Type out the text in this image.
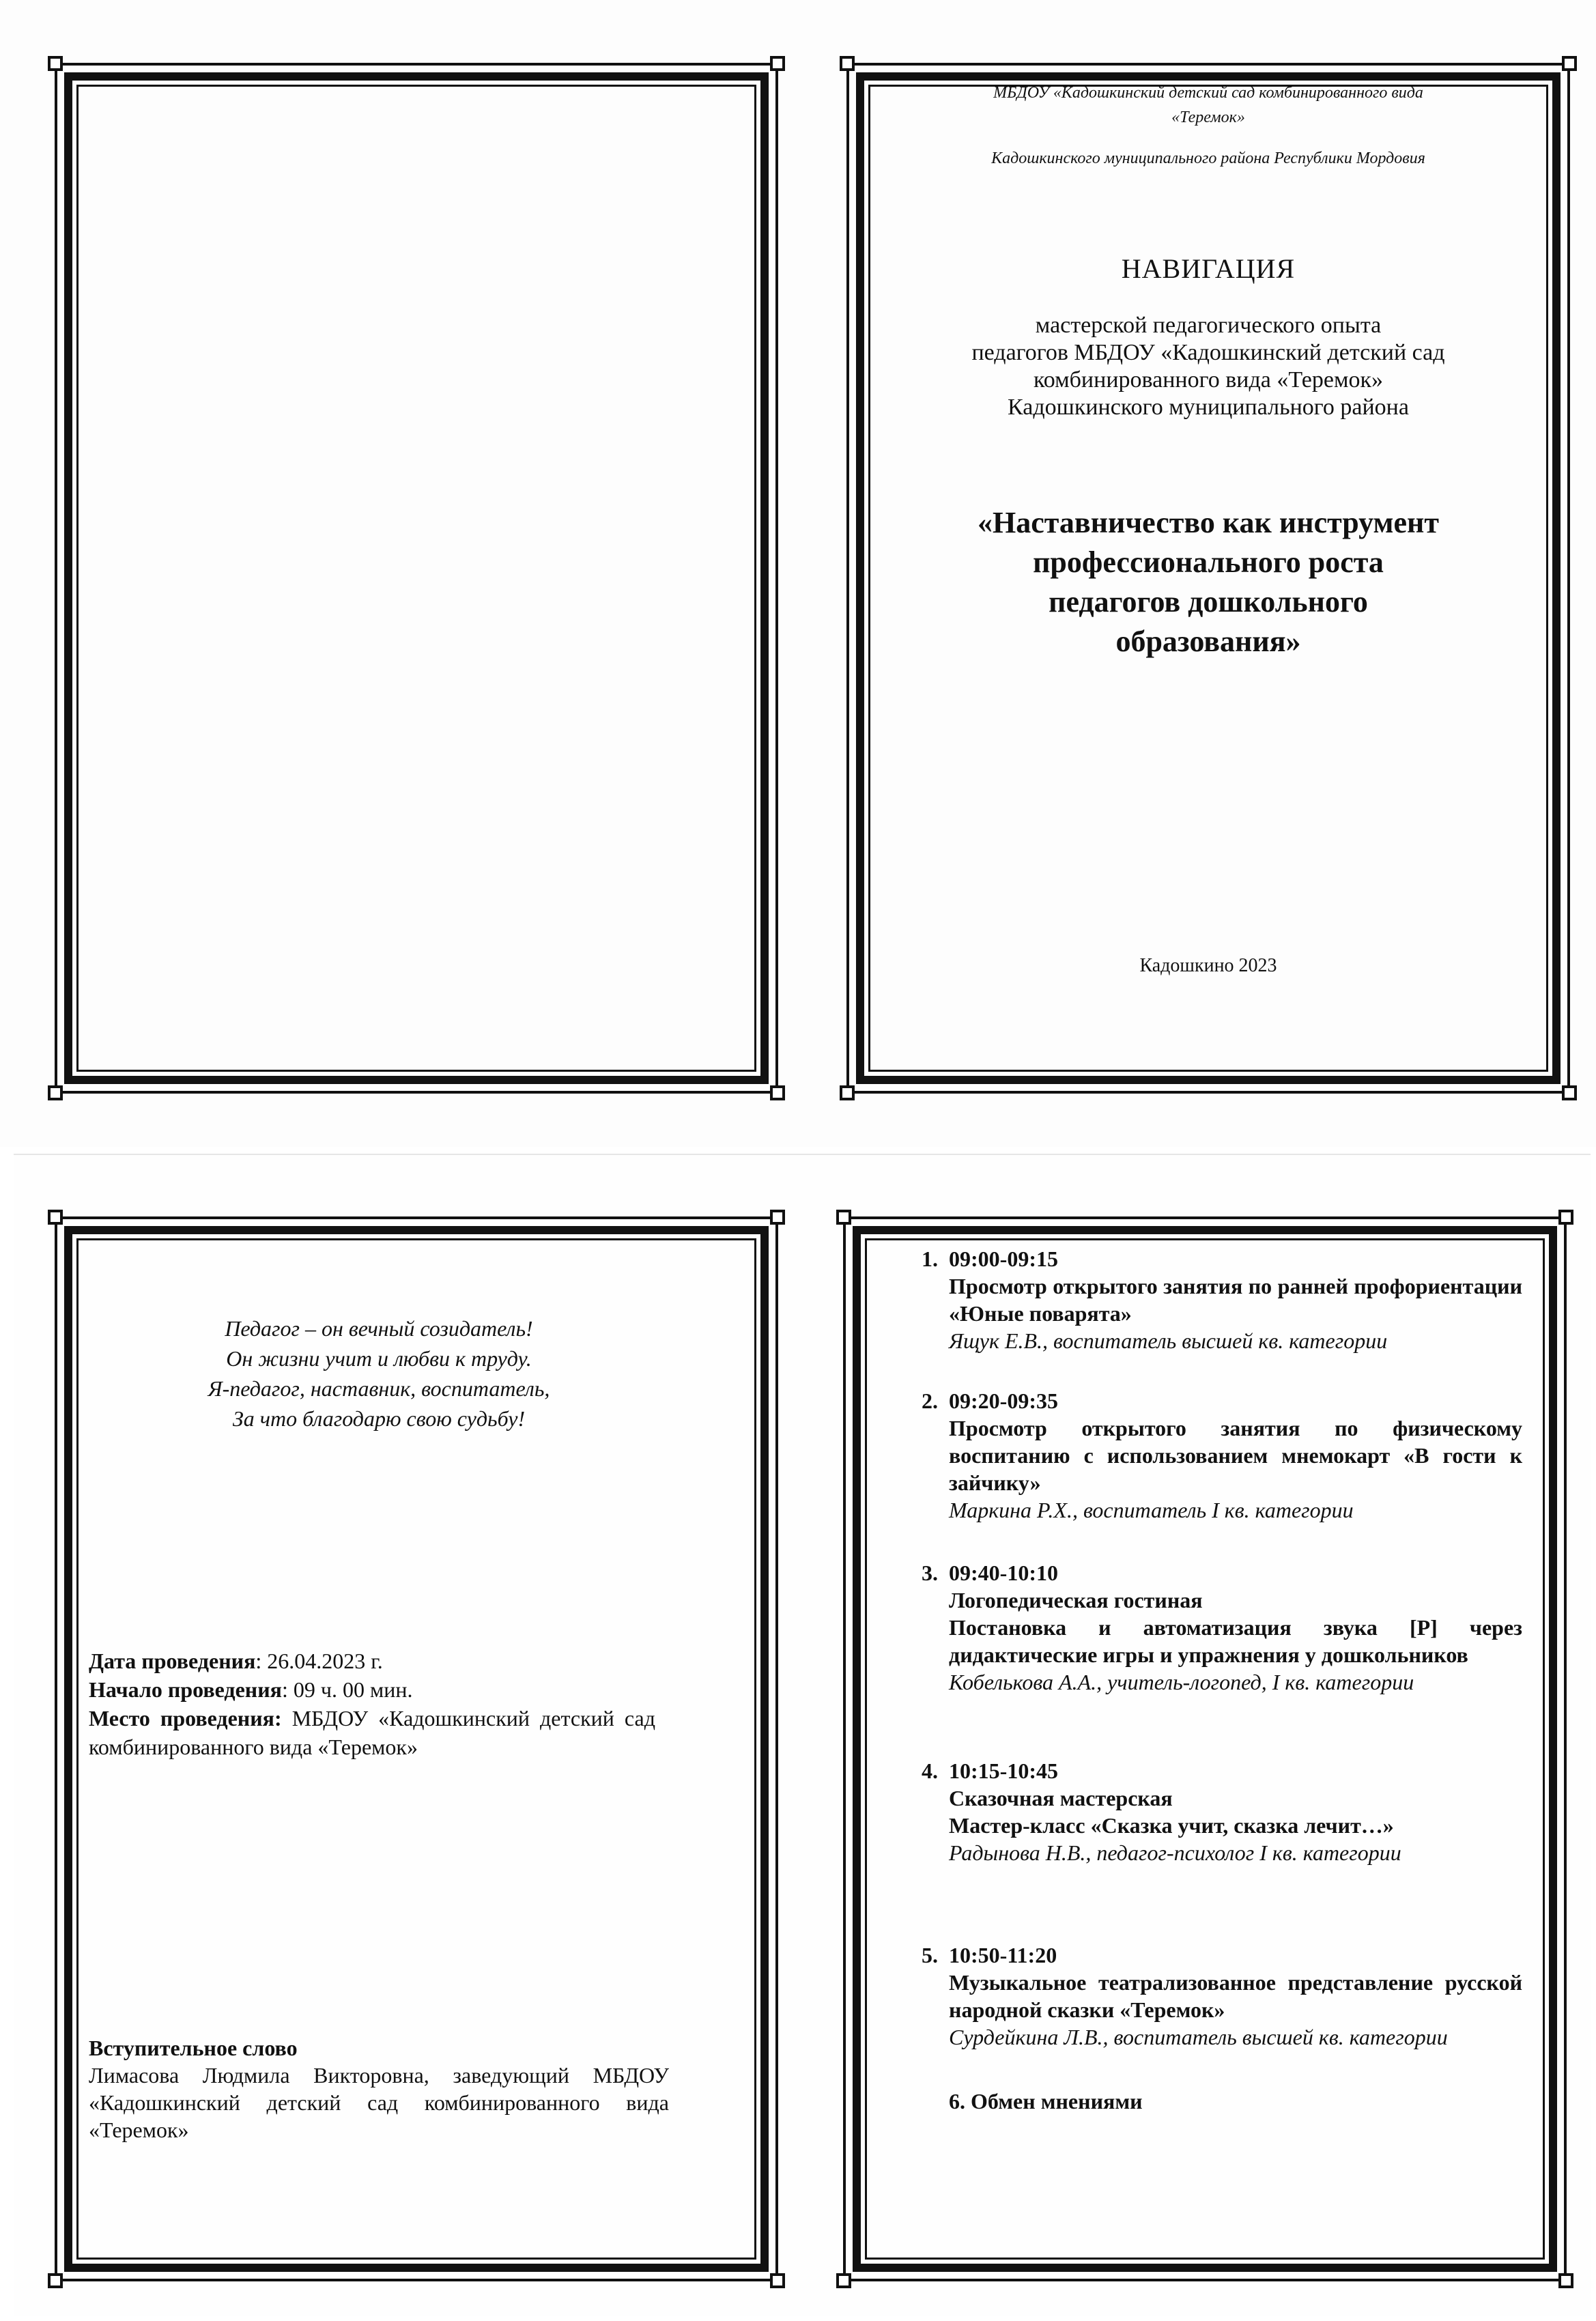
МБДОУ «Кадошкинский детский сад комбинированного вида
«Теремок»
Кадошкинского муниципального района Республики Мордовия
НАВИГАЦИЯ
мастерской педагогического опыта
педагогов МБДОУ «Кадошкинский детский сад
комбинированного вида «Теремок»
Кадошкинского муниципального района
«Наставничество как инструмент
профессионального роста
педагогов дошкольного
образования»
Кадошкино 2023
Педагог – он вечный созидатель!
Он жизни учит и любви к труду.
Я-педагог, наставник, воспитатель,
За что благодарю свою судьбу!
Дата проведения: 26.04.2023 г.
Начало проведения: 09 ч. 00 мин.
Место проведения: МБДОУ «Кадошкинский детский сад комбинированного вида «Теремок»
Вступительное слово
Лимасова Людмила Викторовна, заведующий МБДОУ «Кадошкинский детский сад комбинированного вида «Теремок»
1. 09:00-09:15
Просмотр открытого занятия по ранней профориентации «Юные поварята»
Ящук Е.В., воспитатель высшей кв. категории
2. 09:20-09:35
Просмотр открытого занятия по физическому воспитанию с использованием мнемокарт «В гости к зайчику»
Маркина Р.Х., воспитатель I кв. категории
3. 09:40-10:10
Логопедическая гостиная
Постановка и автоматизация звука [Р] через дидактические игры и упражнения у дошкольников
Кобелькова А.А., учитель-логопед, I кв. категории
4. 10:15-10:45
Сказочная мастерская
Мастер-класс «Сказка учит, сказка лечит…»
Радынова Н.В., педагог-психолог I кв. категории
5. 10:50-11:20
Музыкальное театрализованное представление русской народной сказки «Теремок»
Сурдейкина Л.В., воспитатель высшей кв. категории
6. Обмен мнениями
